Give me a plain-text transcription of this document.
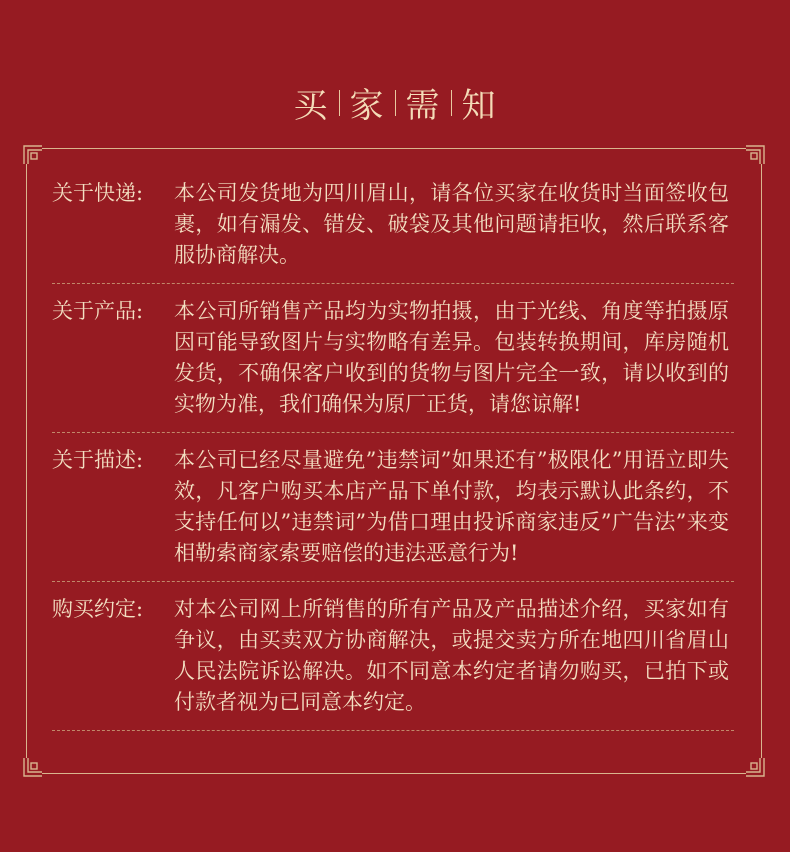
买 家 需 知
关于快递:	本公司发货地为四川眉山，请各位买家在收货时当面签收包裹，如有漏发、错发、破袋及其他问题请拒收，然后联系客服协商解决。
关于产品:	本公司所销售产品均为实物拍摄，由于光线、角度等拍摄原因可能导致图片与实物略有差异。包装转换期间，库房随机发货，不确保客户收到的货物与图片完全一致，请以收到的实物为准，我们确保为原厂正货，请您谅解!
关于描述:	本公司已经尽量避免”违禁词”如果还有”极限化”用语立即失效，凡客户购买本店产品下单付款，均表示默认此条约，不支持任何以”违禁词”为借口理由投诉商家违反”广告法”来变相勒索商家索要赔偿的违法恶意行为!
购买约定:	对本公司网上所销售的所有产品及产品描述介绍，买家如有争议，由买卖双方协商解决，或提交卖方所在地四川省眉山人民法院诉讼解决。如不同意本约定者请勿购买，已拍下或付款者视为已同意本约定。
